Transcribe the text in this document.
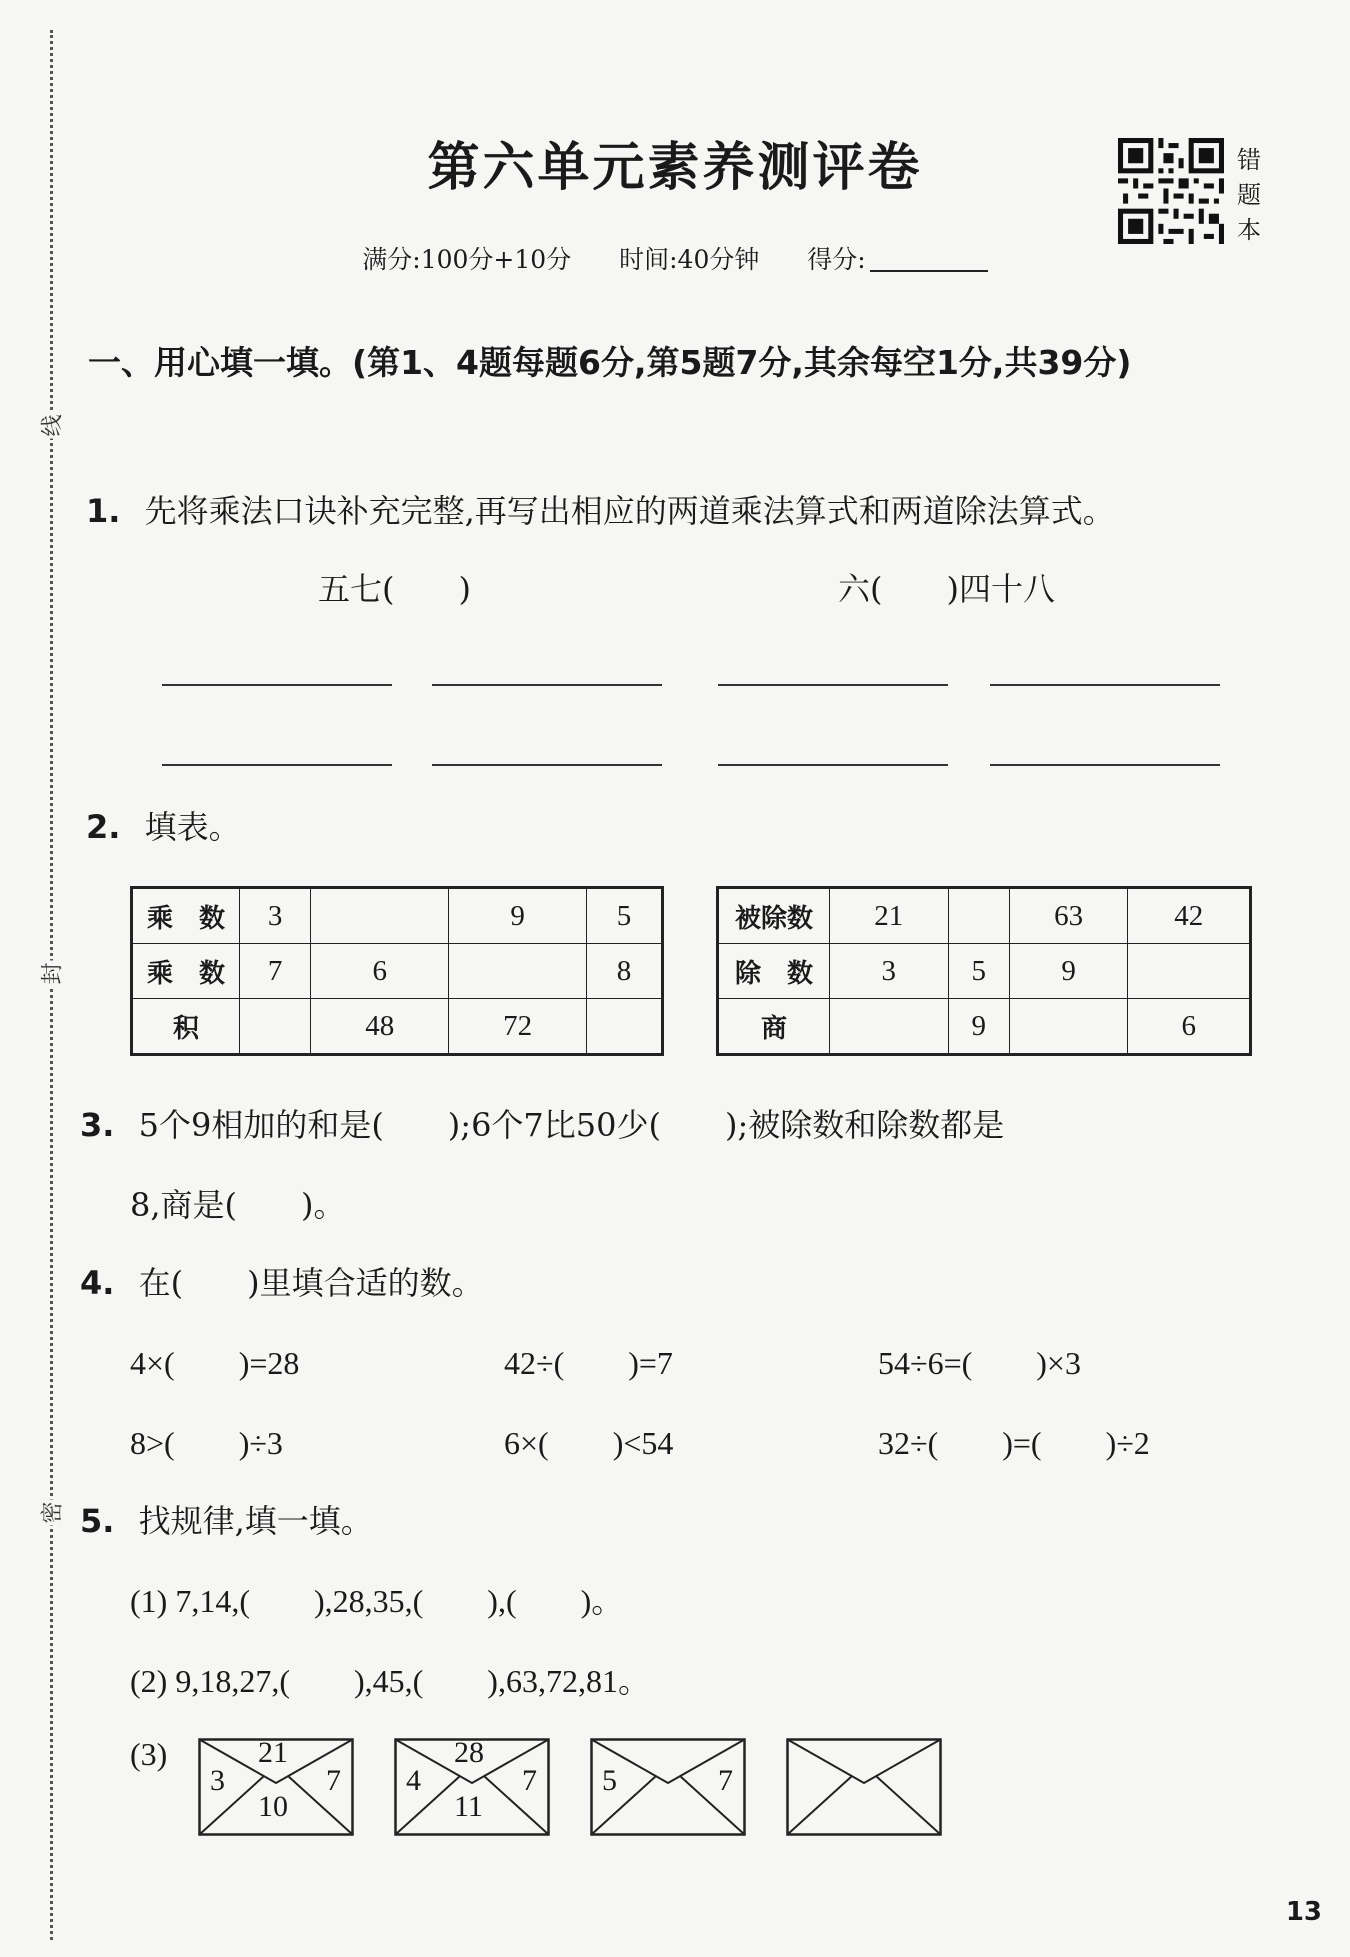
线
封
密
第六单元素养测评卷	错
题
本
满分:100分+10分 时间:40分钟 得分:
一、用心填一填。(第1、4题每题6分,第5题7分,其余每空1分,共39分)
1. 先将乘法口诀补充完整,再写出相应的两道乘法算式和两道除法算式。
五七(　　)	六(　　)四十八
2. 填表。
乘　数	3		9	5
乘　数	7	6		8
积		48	72	
被除数	21		63	42
除　数	3	5	9	
商		9		6
3. 5个9相加的和是(　　);6个7比50少(　　);被除数和除数都是
8,商是(　　)。
4. 在(　　)里填合适的数。
4×(　　)=28	42÷(　　)=7	54÷6=(　　)×3
8>(　　)÷3	6×(　　)<54	32÷(　　)=(　　)÷2
5. 找规律,填一填。
(1) 7,14,(　　),28,35,(　　),(　　)。
(2) 9,18,27,(　　),45,(　　),63,72,81。
(3)	21
3	7
10
28
4	7
11
5	7
13
